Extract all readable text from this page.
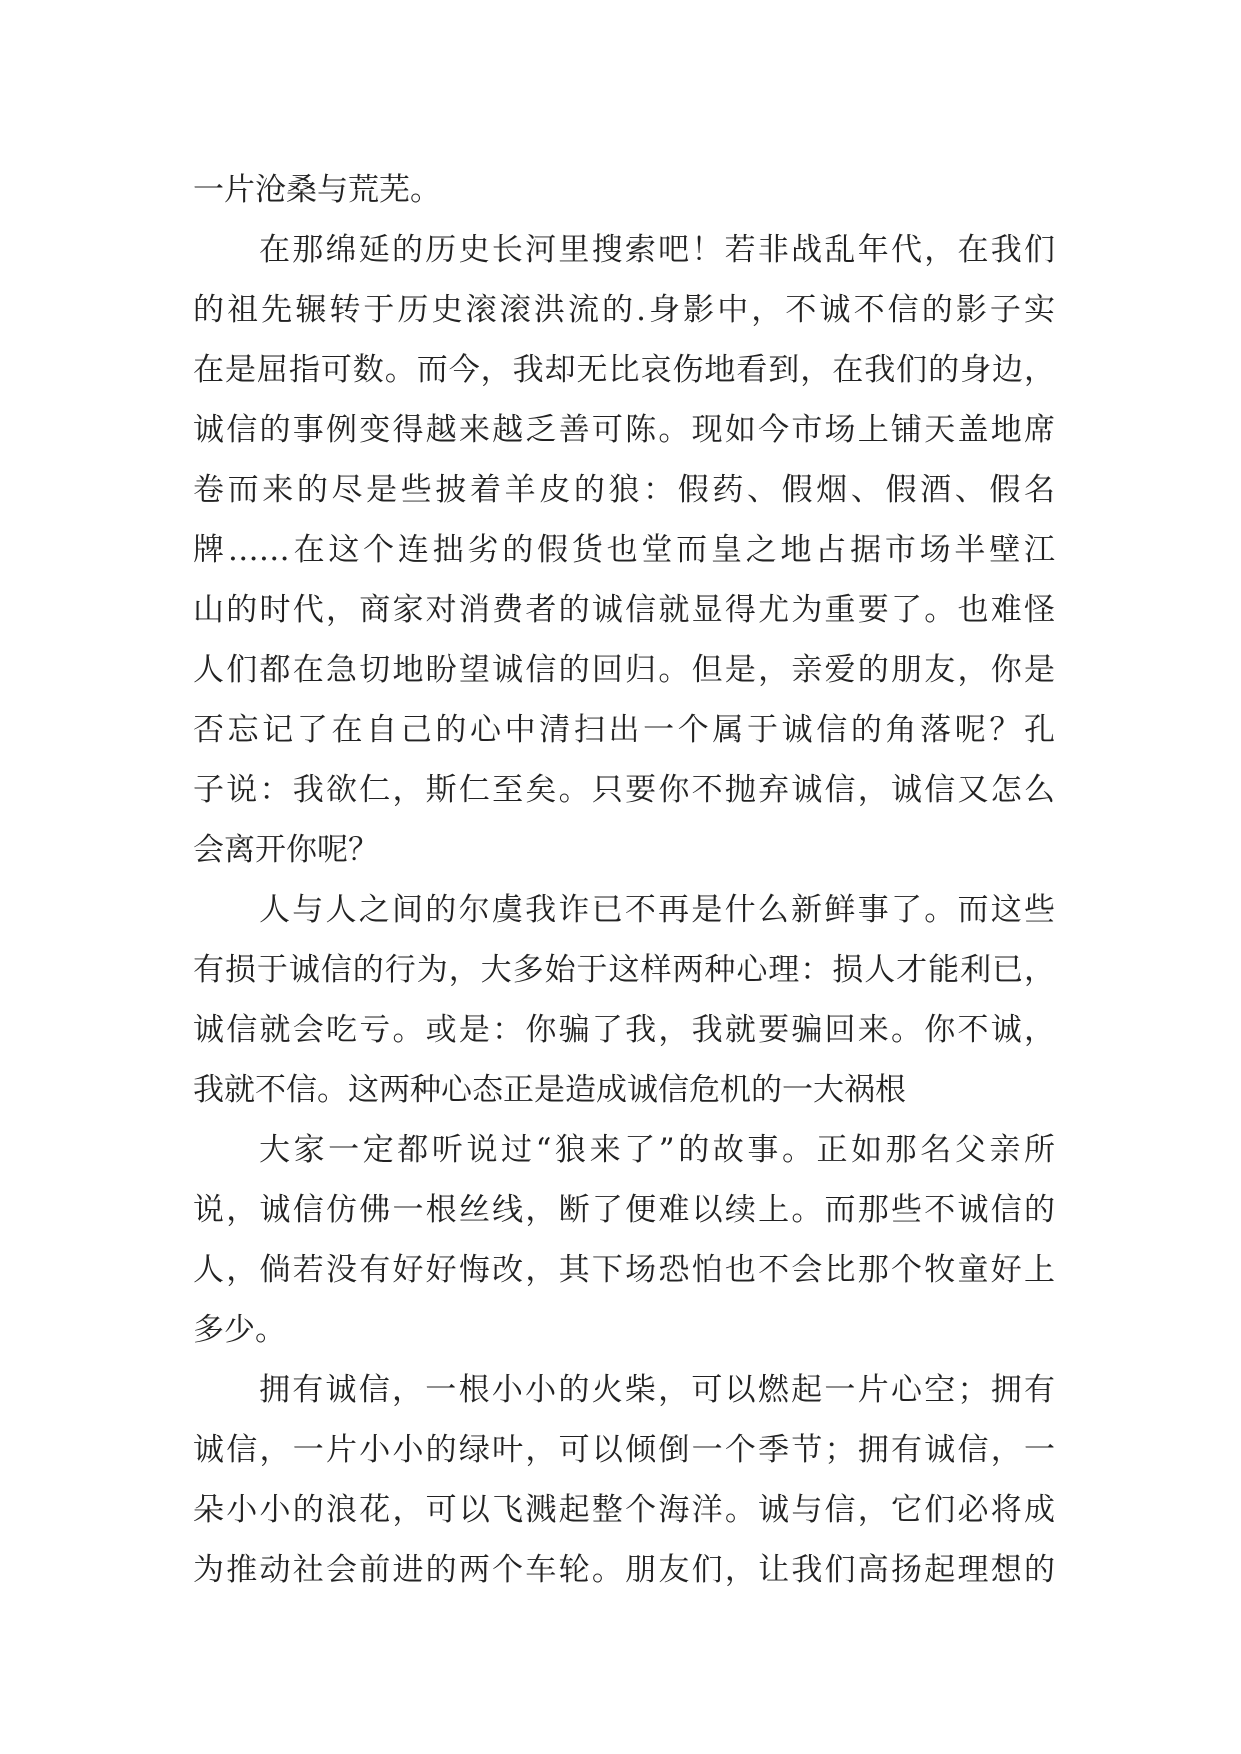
一片沧桑与荒芜。
在那绵延的历史长河里搜索吧！若非战乱年代，在我们
的祖先辗转于历史滚滚洪流的.身影中，不诚不信的影子实
在是屈指可数。而今，我却无比哀伤地看到，在我们的身边，
诚信的事例变得越来越乏善可陈。现如今市场上铺天盖地席
卷而来的尽是些披着羊皮的狼：假药、假烟、假酒、假名
牌……在这个连拙劣的假货也堂而皇之地占据市场半壁江
山的时代，商家对消费者的诚信就显得尤为重要了。也难怪
人们都在急切地盼望诚信的回归。但是，亲爱的朋友，你是
否忘记了在自己的心中清扫出一个属于诚信的角落呢？孔
子说：我欲仁，斯仁至矣。只要你不抛弃诚信，诚信又怎么
会离开你呢？
人与人之间的尔虞我诈已不再是什么新鲜事了。而这些
有损于诚信的行为，大多始于这样两种心理：损人才能利已，
诚信就会吃亏。或是：你骗了我，我就要骗回来。你不诚，
我就不信。这两种心态正是造成诚信危机的一大祸根
大家一定都听说过“狼来了”的故事。正如那名父亲所
说，诚信仿佛一根丝线，断了便难以续上。而那些不诚信的
人，倘若没有好好悔改，其下场恐怕也不会比那个牧童好上
多少。
拥有诚信，一根小小的火柴，可以燃起一片心空；拥有
诚信，一片小小的绿叶，可以倾倒一个季节；拥有诚信，一
朵小小的浪花，可以飞溅起整个海洋。诚与信，它们必将成
为推动社会前进的两个车轮。朋友们，让我们高扬起理想的
